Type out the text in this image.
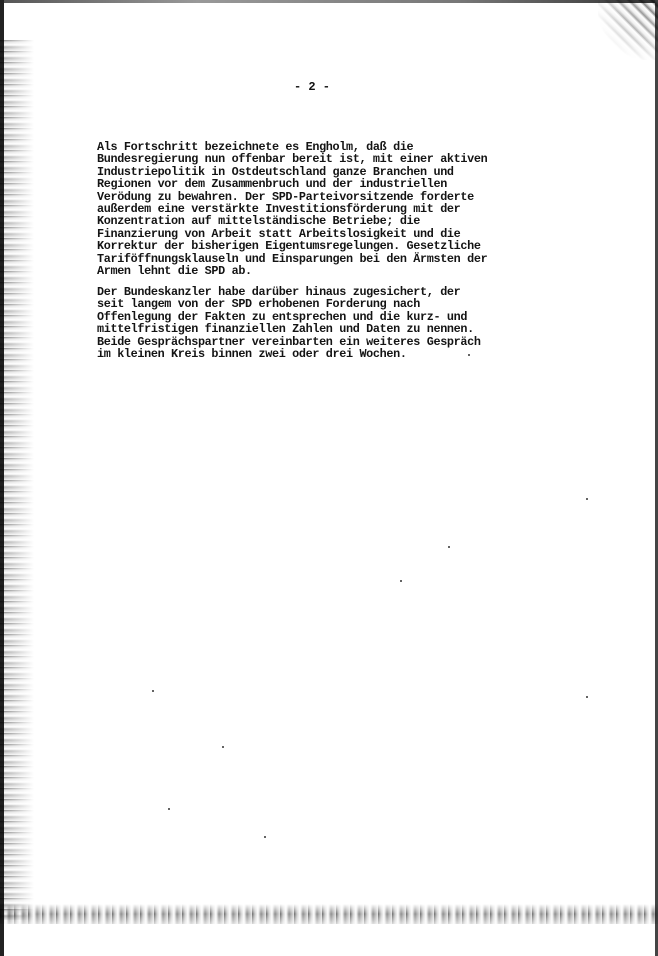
- 2 -
Als Fortschritt bezeichnete es Engholm, daß die
Bundesregierung nun offenbar bereit ist, mit einer aktiven
Industriepolitik in Ostdeutschland ganze Branchen und
Regionen vor dem Zusammenbruch und der industriellen
Verödung zu bewahren. Der SPD-Parteivorsitzende forderte
außerdem eine verstärkte Investitionsförderung mit der
Konzentration auf mittelständische Betriebe; die
Finanzierung von Arbeit statt Arbeitslosigkeit und die
Korrektur der bisherigen Eigentumsregelungen. Gesetzliche
Tariföffnungsklauseln und Einsparungen bei den Ärmsten der
Armen lehnt die SPD ab.
Der Bundeskanzler habe darüber hinaus zugesichert, der
seit langem von der SPD erhobenen Forderung nach
Offenlegung der Fakten zu entsprechen und die kurz- und
mittelfristigen finanziellen Zahlen und Daten zu nennen.
Beide Gesprächspartner vereinbarten ein weiteres Gespräch
im kleinen Kreis binnen zwei oder drei Wochen.
